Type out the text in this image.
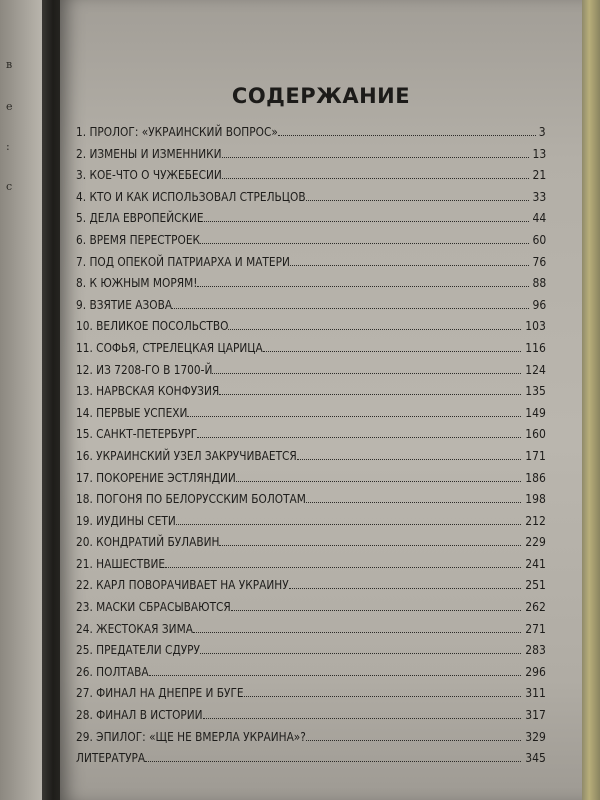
в
е
:
с
СОДЕРЖАНИЕ
1. ПРОЛОГ: «УКРАИНСКИЙ ВОПРОС»	3
2. ИЗМЕНЫ И ИЗМЕННИКИ	13
3. КОЕ-ЧТО О ЧУЖЕБЕСИИ	21
4. КТО И КАК ИСПОЛЬЗОВАЛ СТРЕЛЬЦОВ	33
5. ДЕЛА ЕВРОПЕЙСКИЕ	44
6. ВРЕМЯ ПЕРЕСТРОЕК	60
7. ПОД ОПЕКОЙ ПАТРИАРХА И МАТЕРИ	76
8. К ЮЖНЫМ МОРЯМ!	88
9. ВЗЯТИЕ АЗОВА	96
10. ВЕЛИКОЕ ПОСОЛЬСТВО	103
11. СОФЬЯ, СТРЕЛЕЦКАЯ ЦАРИЦА	116
12. ИЗ 7208-ГО В 1700-Й	124
13. НАРВСКАЯ КОНФУЗИЯ	135
14. ПЕРВЫЕ УСПЕХИ	149
15. САНКТ-ПЕТЕРБУРГ	160
16. УКРАИНСКИЙ УЗЕЛ ЗАКРУЧИВАЕТСЯ	171
17. ПОКОРЕНИЕ ЭСТЛЯНДИИ	186
18. ПОГОНЯ ПО БЕЛОРУССКИМ БОЛОТАМ	198
19. ИУДИНЫ СЕТИ	212
20. КОНДРАТИЙ БУЛАВИН	229
21. НАШЕСТВИЕ	241
22. КАРЛ ПОВОРАЧИВАЕТ НА УКРАИНУ	251
23. МАСКИ СБРАСЫВАЮТСЯ	262
24. ЖЕСТОКАЯ ЗИМА	271
25. ПРЕДАТЕЛИ СДУРУ	283
26. ПОЛТАВА	296
27. ФИНАЛ НА ДНЕПРЕ И БУГЕ	311
28. ФИНАЛ В ИСТОРИИ	317
29. ЭПИЛОГ: «ЩЕ НЕ ВМЕРЛА УКРАИНА»?	329
ЛИТЕРАТУРА	345
